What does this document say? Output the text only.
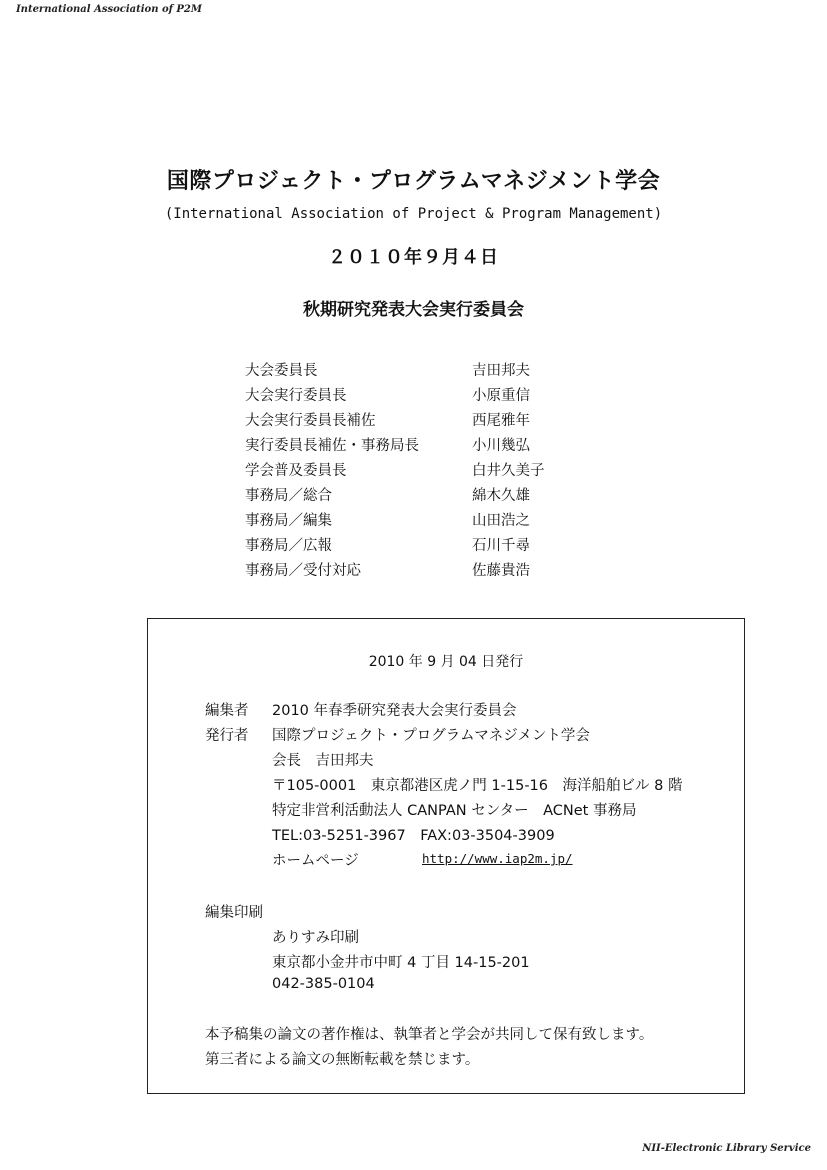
International Association of P2M
国際プロジェクト・プログラムマネジメント学会
(International Association of Project & Program Management)
２０１０年９月４日
秋期研究発表大会実行委員会
大会委員長	吉田邦夫
大会実行委員長	小原重信
大会実行委員長補佐	西尾雅年
実行委員長補佐・事務局長	小川幾弘
学会普及委員長	白井久美子
事務局／総合	綿木久雄
事務局／編集	山田浩之
事務局／広報	石川千尋
事務局／受付対応	佐藤貴浩
2010 年 9 月 04 日発行
編集者 2010 年春季研究発表大会実行委員会
発行者 国際プロジェクト・プログラムマネジメント学会
会長　吉田邦夫
〒105-0001　東京都港区虎ノ門 1-15-16　海洋船舶ビル 8 階
特定非営利活動法人 CANPAN センター　ACNet 事務局
TEL:03-5251-3967　FAX:03-3504-3909
ホームページ	http://www.iap2m.jp/
編集印刷
ありすみ印刷
東京都小金井市中町 4 丁目 14-15-201
042-385-0104
本予稿集の論文の著作権は、執筆者と学会が共同して保有致します。
第三者による論文の無断転載を禁じます。
NII-Electronic Library Service
